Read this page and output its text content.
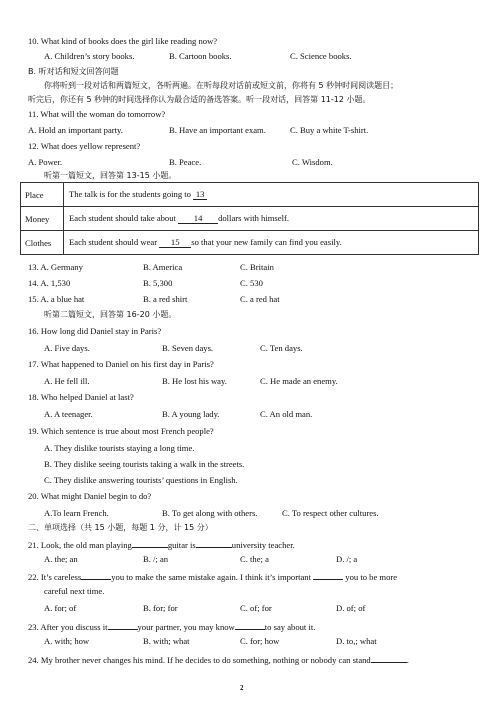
10. What kind of books does the girl like reading now?
A. Children’s story books.	B. Cartoon books.	C. Science books.
B. 听对话和短文回答问题
你将听到一段对话和两篇短文，各听两遍。在听每段对话前或短文前，你将有 5 秒钟时间阅读题目；
听完后，你还有 5 秒钟的时间选择你认为最合适的备选答案。听一段对话，回答第 11-12 小题。
11. What will the woman do tomorrow?
A. Hold an important party.	B. Have an important exam.	C. Buy a white T-shirt.
12. What does yellow represent?
A. Power.	B. Peace.	C. Wisdom.
听第一篇短文，回答第 13-15 小题。
Place	The talk is for the students going to 13
Money	Each student should take about 14 dollars with himself.
Clothes	Each student should wear 15 so that your new family can find you easily.
13. A. Germany	B. America	C. Britain
14. A. 1,530	B. 5,300	C. 530
15. A. a blue hat	B. a red shirt	C. a red hat
听第二篇短文，回答第 16-20 小题。
16. How long did Daniel stay in Paris?
A. Five days.	B. Seven days.	C. Ten days.
17. What happened to Daniel on his first day in Paris?
A. He fell ill.	B. He lost his way.	C. He made an enemy.
18. Who helped Daniel at last?
A. A teenager.	B. A young lady.	C. An old man.
19. Which sentence is true about most French people?
A. They dislike tourists staying a long time.
B. They dislike seeing tourists taking a walk in the streets.
C. They dislike answering tourists’ questions in English.
20. What might Daniel begin to do?
A.To learn French.	B. To get along with others.	C. To respect other cultures.
二、单项选择（共 15 小题，每题 1 分，计 15 分）
21. Look, the old man playing	guitar is	university teacher.
A. the; an	B. /; an	C. the; a	D. /; a
22. It’s careless	you to make the same mistake again. I think it’s important	you to be more
careful next time.
A. for; of	B. for; for	C. of; for	D. of; of
23. After you discuss it	your partner, you may know	to say about it.
A. with; how	B. with; what	C. for; how	D. to,; what
24. My brother never changes his mind. If he decides to do something, nothing or nobody can stand	.
2
